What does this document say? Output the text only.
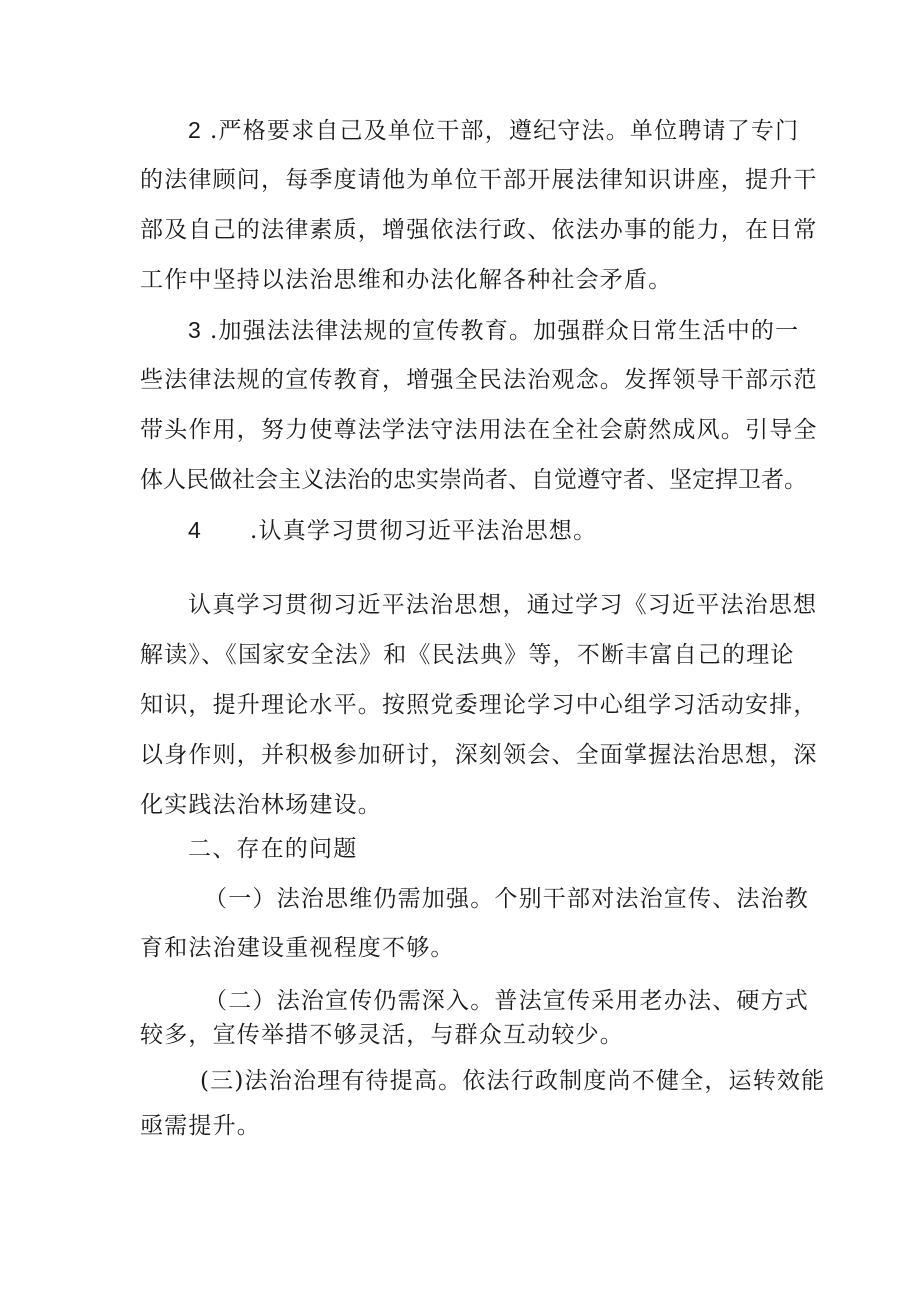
2 .严格要求自己及单位干部，遵纪守法。单位聘请了专门
的法律顾问，每季度请他为单位干部开展法律知识讲座，提升干
部及自己的法律素质，增强依法行政、依法办事的能力，在日常
工作中坚持以法治思维和办法化解各种社会矛盾。
3 .加强法法律法规的宣传教育。加强群众日常生活中的一
些法律法规的宣传教育，增强全民法治观念。发挥领导干部示范
带头作用，努力使尊法学法守法用法在全社会蔚然成风。引导全
体人民做社会主义法治的忠实崇尚者、自觉遵守者、坚定捍卫者。
4 .认真学习贯彻习近平法治思想。
认真学习贯彻习近平法治思想，通过学习《习近平法治思想
解读》、《国家安全法》和《民法典》等，不断丰富自己的理论
知识，提升理论水平。按照党委理论学习中心组学习活动安排，
以身作则，并积极参加研讨，深刻领会、全面掌握法治思想，深
化实践法治林场建设。
二、存在的问题
（一）法治思维仍需加强。个别干部对法治宣传、法治教
育和法治建设重视程度不够。
（二）法治宣传仍需深入。普法宣传采用老办法、硬方式
较多，宣传举措不够灵活，与群众互动较少。
(三)法治治理有待提高。依法行政制度尚不健全，运转效能
亟需提升。
